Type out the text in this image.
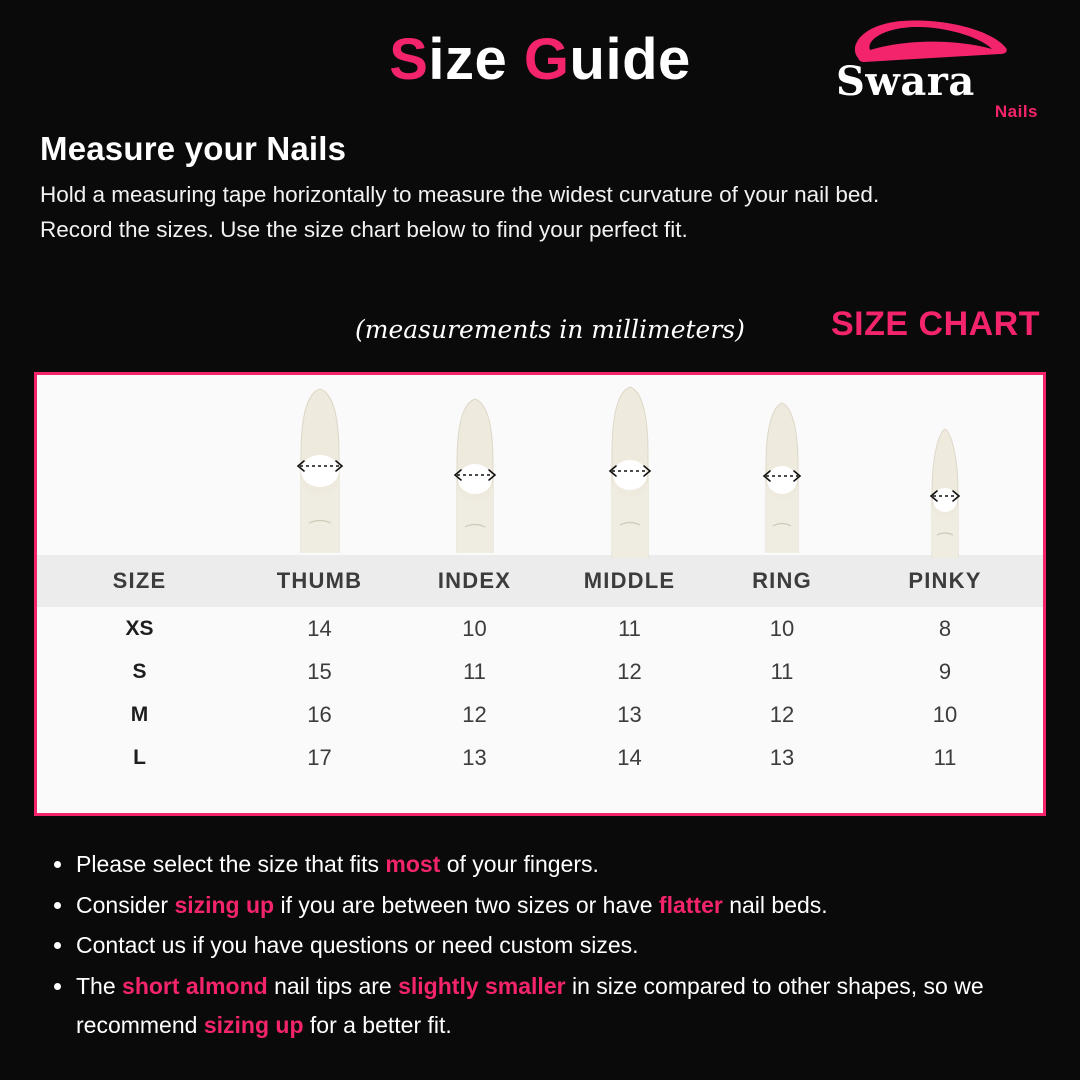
Size Guide	Swara
Nails
Measure your Nails

Hold a measuring tape horizontally to measure the widest curvature of your nail bed.

Record the sizes. Use the size chart below to find your perfect fit.

(measurements in millimeters)	SIZE CHART
SIZE	THUMB	INDEX	MIDDLE	RING	PINKY
XS	14	10	11	10	8
S	15	11	12	11	9
M	16	12	13	12	10
L	17	13	14	13	11
Please select the size that fits most of your fingers.
Consider sizing up if you are between two sizes or have flatter nail beds.
Contact us if you have questions or need custom sizes.
The short almond nail tips are slightly smaller in size compared to other shapes, so we recommend sizing up for a better fit.
